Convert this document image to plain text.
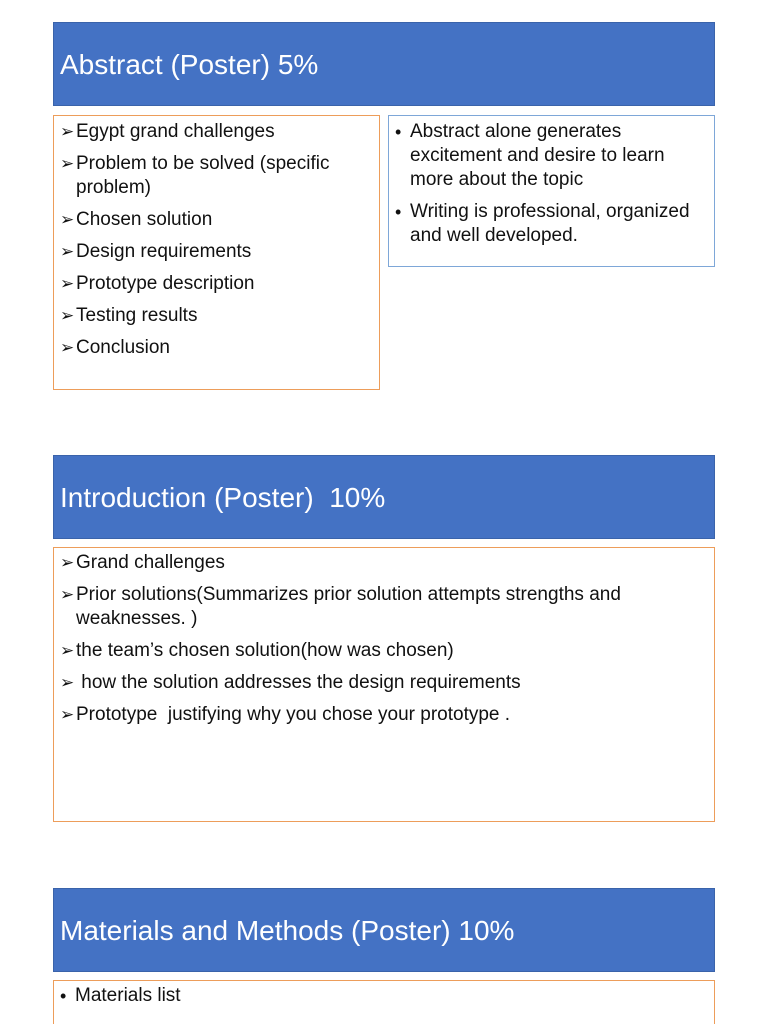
Abstract (Poster) 5%
➢ Egypt grand challenges
➢ Problem to be solved (specific problem)
➢ Chosen solution
➢ Design requirements
➢ Prototype description
➢ Testing results
➢ Conclusion
• Abstract alone generates excitement and desire to learn more about the topic
• Writing is professional, organized and well developed.
Introduction (Poster)  10%
➢ Grand challenges
➢ Prior solutions(Summarizes prior solution attempts strengths and weaknesses. )
➢ the team’s chosen solution(how was chosen)
➢ how the solution addresses the design requirements
➢ Prototype  justifying why you chose your prototype .
Materials and Methods (Poster) 10%
• Materials list
